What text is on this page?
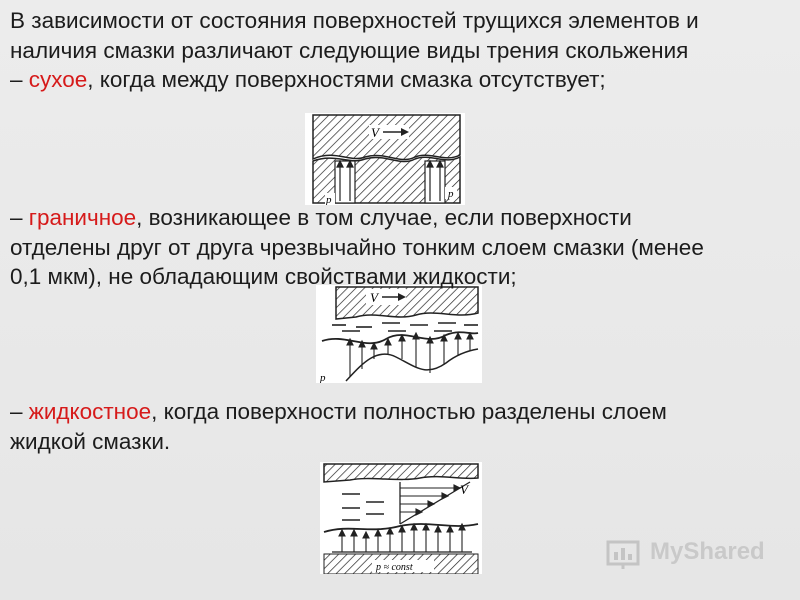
В зависимости от состояния поверхностей трущихся элементов и
наличия смазки различают следующие виды трения скольжения
– сухое, когда между поверхностями смазка отсутствует;
V
p	p
– граничное, возникающее в том случае, если поверхности
отделены друг от друга чрезвычайно тонким слоем смазки (менее
V
p
0,1 мкм), не обладающим свойствами жидкости;
– жидкостное, когда поверхности полностью разделены слоем
жидкой смазки.
V
p ≈ const
MyShared
